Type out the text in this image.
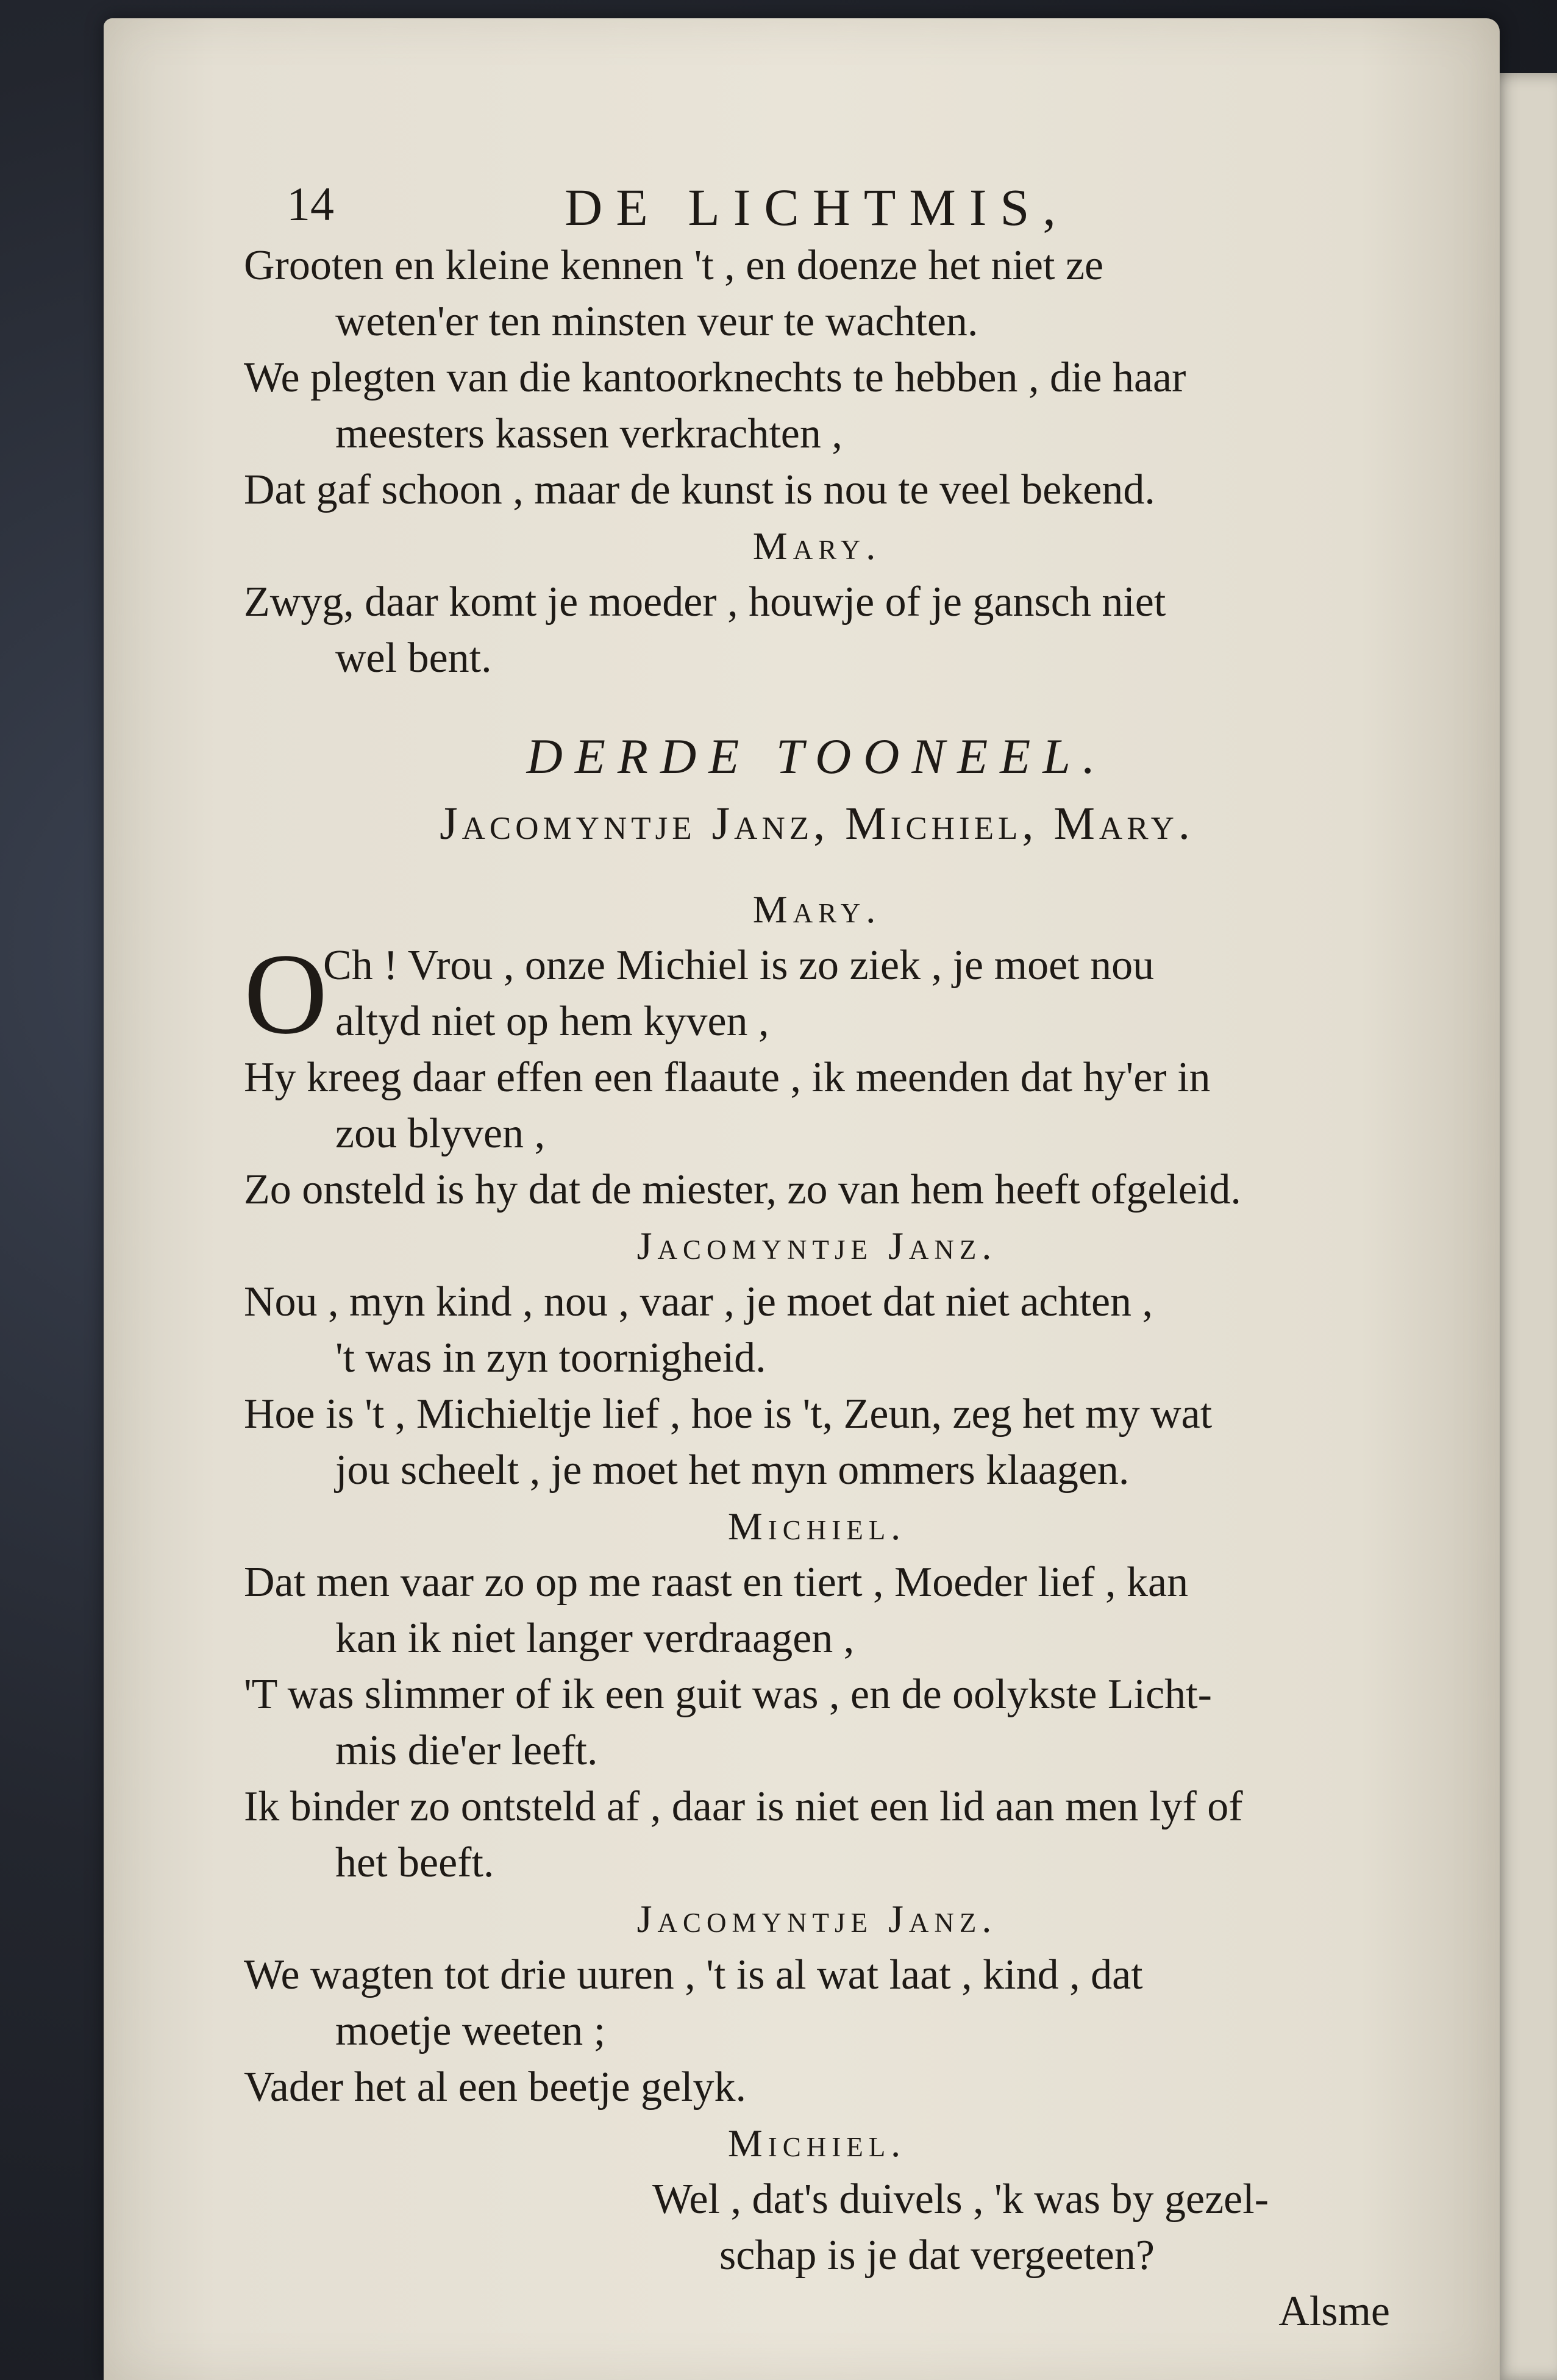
14	DE LICHTMIS,
Grooten en kleine kennen 't , en doenze het niet ze
weten'er ten minsten veur te wachten.
We plegten van die kantoorknechts te hebben , die haar
meesters kassen verkrachten ,
Dat gaf schoon , maar de kunst is nou te veel bekend.
Mary.
Zwyg, daar komt je moeder , houwje of je gansch niet
wel bent.
DERDE TOONEEL.
Jacomyntje Janz, Michiel, Mary.
Mary.
O
Ch ! Vrou , onze Michiel is zo ziek , je moet nou
altyd niet op hem kyven ,
Hy kreeg daar effen een flaaute , ik meenden dat hy'er in
zou blyven ,
Zo onsteld is hy dat de miester, zo van hem heeft ofgeleid.
Jacomyntje Janz.
Nou , myn kind , nou , vaar , je moet dat niet achten ,
't was in zyn toornigheid.
Hoe is 't , Michieltje lief , hoe is 't, Zeun, zeg het my wat
jou scheelt , je moet het myn ommers klaagen.
Michiel.
Dat men vaar zo op me raast en tiert , Moeder lief , kan
kan ik niet langer verdraagen ,
'T was slimmer of ik een guit was , en de oolykste Licht-
mis die'er leeft.
Ik binder zo ontsteld af , daar is niet een lid aan men lyf of
het beeft.
Jacomyntje Janz.
We wagten tot drie uuren , 't is al wat laat , kind , dat
moetje weeten ;
Vader het al een beetje gelyk.
Michiel.
Wel , dat's duivels , 'k was by gezel-
schap is je dat vergeeten?
Alsme
